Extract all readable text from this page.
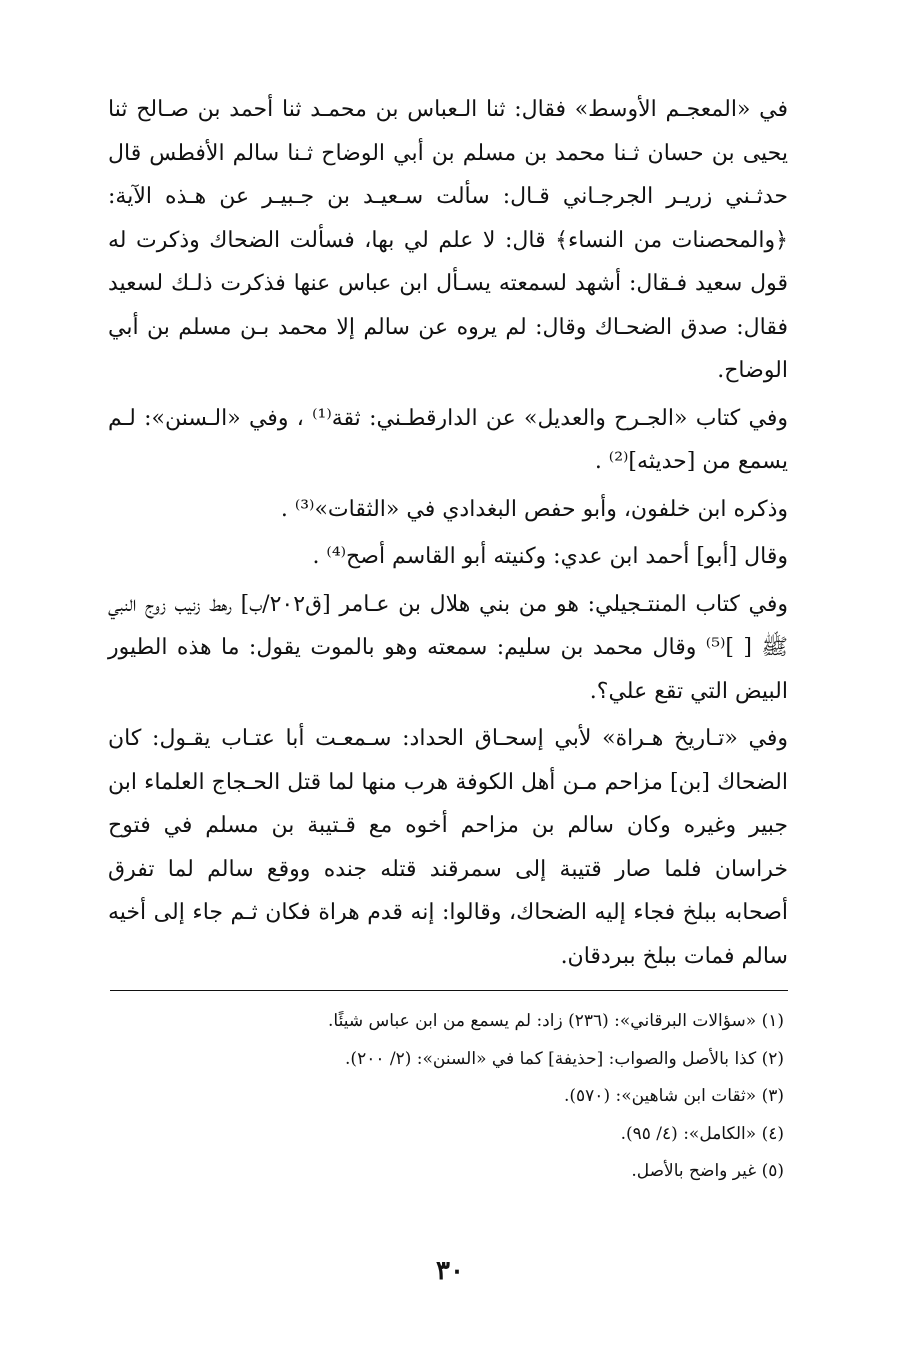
في «المعجـم الأوسط» فقال: ثنا الـعباس بن محمـد ثنا أحمد بن صـالح ثنا يحيى بن حسان ثـنا محمد بن مسلم بن أبي الوضاح ثـنا سالم الأفطس قال حدثـني زريـر الجرجـاني قـال: سألت سـعيـد بن جـبيـر عن هـذه الآية: ﴿والمحصنات من النساء﴾ قال: لا علم لي بها، فسألت الضحاك وذكرت له قول سعيد فـقال: أشهد لسمعته يسـأل ابن عباس عنها فذكرت ذلـك لسعيد فقال: صدق الضحـاك وقال: لم يروه عن سالم إلا محمد بـن مسلم بن أبي الوضاح.

وفي كتاب «الجـرح والعديل» عن الدارقطـني: ثقة⁽¹⁾ ، وفي «الـسنن»: لـم يسمع من [حديثه]⁽²⁾ .

وذكره ابن خلفون، وأبو حفص البغدادي في «الثقات»⁽³⁾ .

وقال [أبو] أحمد ابن عدي: وكنيته أبو القاسم أصح⁽⁴⁾ .

وفي كتاب المنتـجيلي: هو من بني هلال بن عـامر [ق٢٠٢/ب] رهط زنيب زوج النبي ﷺ [ ]⁽⁵⁾ وقال محمد بن سليم: سمعته وهو بالموت يقول: ما هذه الطيور البيض التي تقع علي؟.

وفي «تـاريخ هـراة» لأبي إسحـاق الحداد: سـمعـت أبا عتـاب يقـول: كان الضحاك [بن] مزاحم مـن أهل الكوفة هرب منها لما قتل الحـجاج العلماء ابن جبير وغيره وكان سالم بن مزاحم أخوه مع قـتيبة بن مسلم في فتوح خراسان فلما صار قتيبة إلى سمرقند قتله جنده ووقع سالم لما تفرق أصحابه ببلخ فجاء إليه الضحاك، وقالوا: إنه قدم هراة فكان ثـم جاء إلى أخيه سالم فمات ببلخ ببردقان.

(١) «سؤالات البرقاني»: (٢٣٦) زاد: لم يسمع من ابن عباس شيئًا.

(٢) كذا بالأصل والصواب: [حذيفة] كما في «السنن»: (٢/ ٢٠٠).

(٣) «ثقات ابن شاهين»: (٥٧٠).

(٤) «الكامل»: (٤/ ٩٥).

(٥) غير واضح بالأصل.

٣٠
